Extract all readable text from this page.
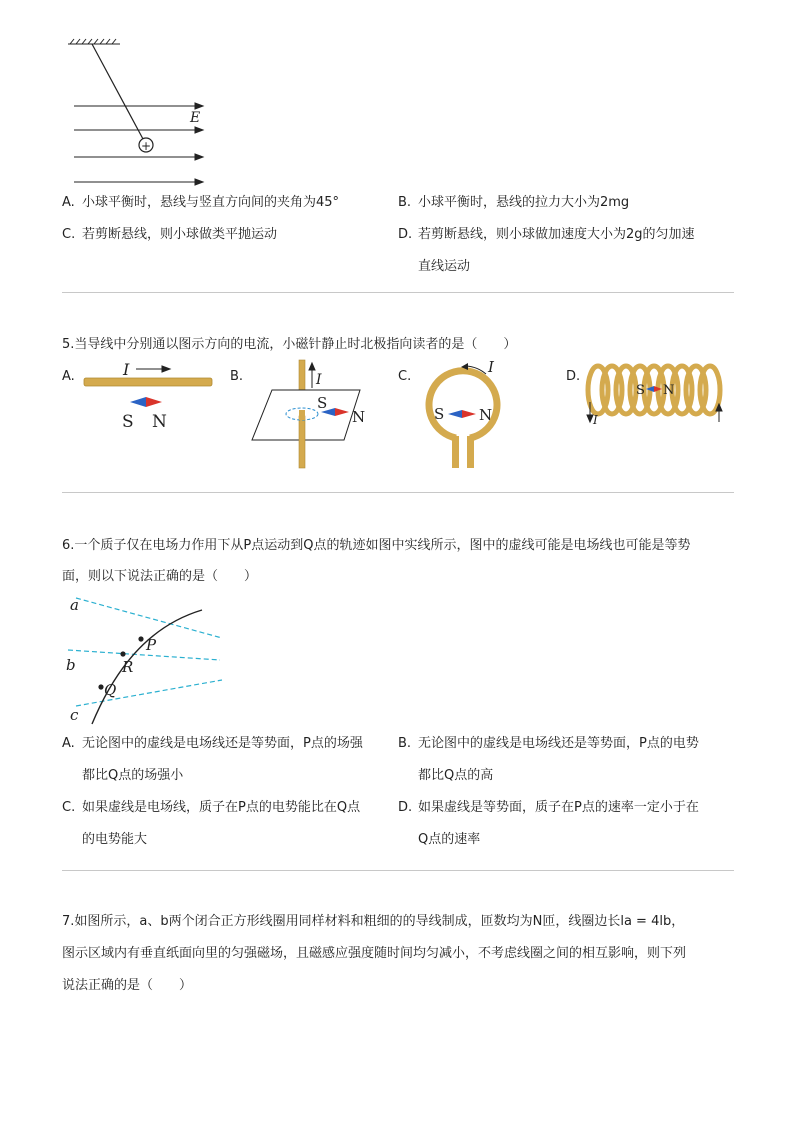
E
+
A. 小球平衡时，悬线与竖直方向间的夹角为45°	B. 小球平衡时，悬线的拉力大小为2mg
C. 若剪断悬线，则小球做类平抛运动	D. 若剪断悬线，则小球做加速度大小为2g的匀加速
直线运动
5.当导线中分别通以图示方向的电流，小磁针静止时北极指向读者的是（　　）
A.	I
S N
B.	I
S
N
C.
I
S N
D.
S N
I
6.一个质子仅在电场力作用下从P点运动到Q点的轨迹如图中实线所示，图中的虚线可能是电场线也可能是等势
面，则以下说法正确的是（　　）
a
b
c
P
R
Q
A. 无论图中的虚线是电场线还是等势面，P点的场强
都比Q点的场强小
B. 无论图中的虚线是电场线还是等势面，P点的电势
都比Q点的高
C. 如果虚线是电场线，质子在P点的电势能比在Q点
的电势能大
D. 如果虚线是等势面，质子在P点的速率一定小于在
Q点的速率
7.如图所示，a、b两个闭合正方形线圈用同样材料和粗细的的导线制成，匝数均为N匝，线圈边长la = 4lb，
图示区域内有垂直纸面向里的匀强磁场，且磁感应强度随时间均匀减小，不考虑线圈之间的相互影响，则下列
说法正确的是（　　）
